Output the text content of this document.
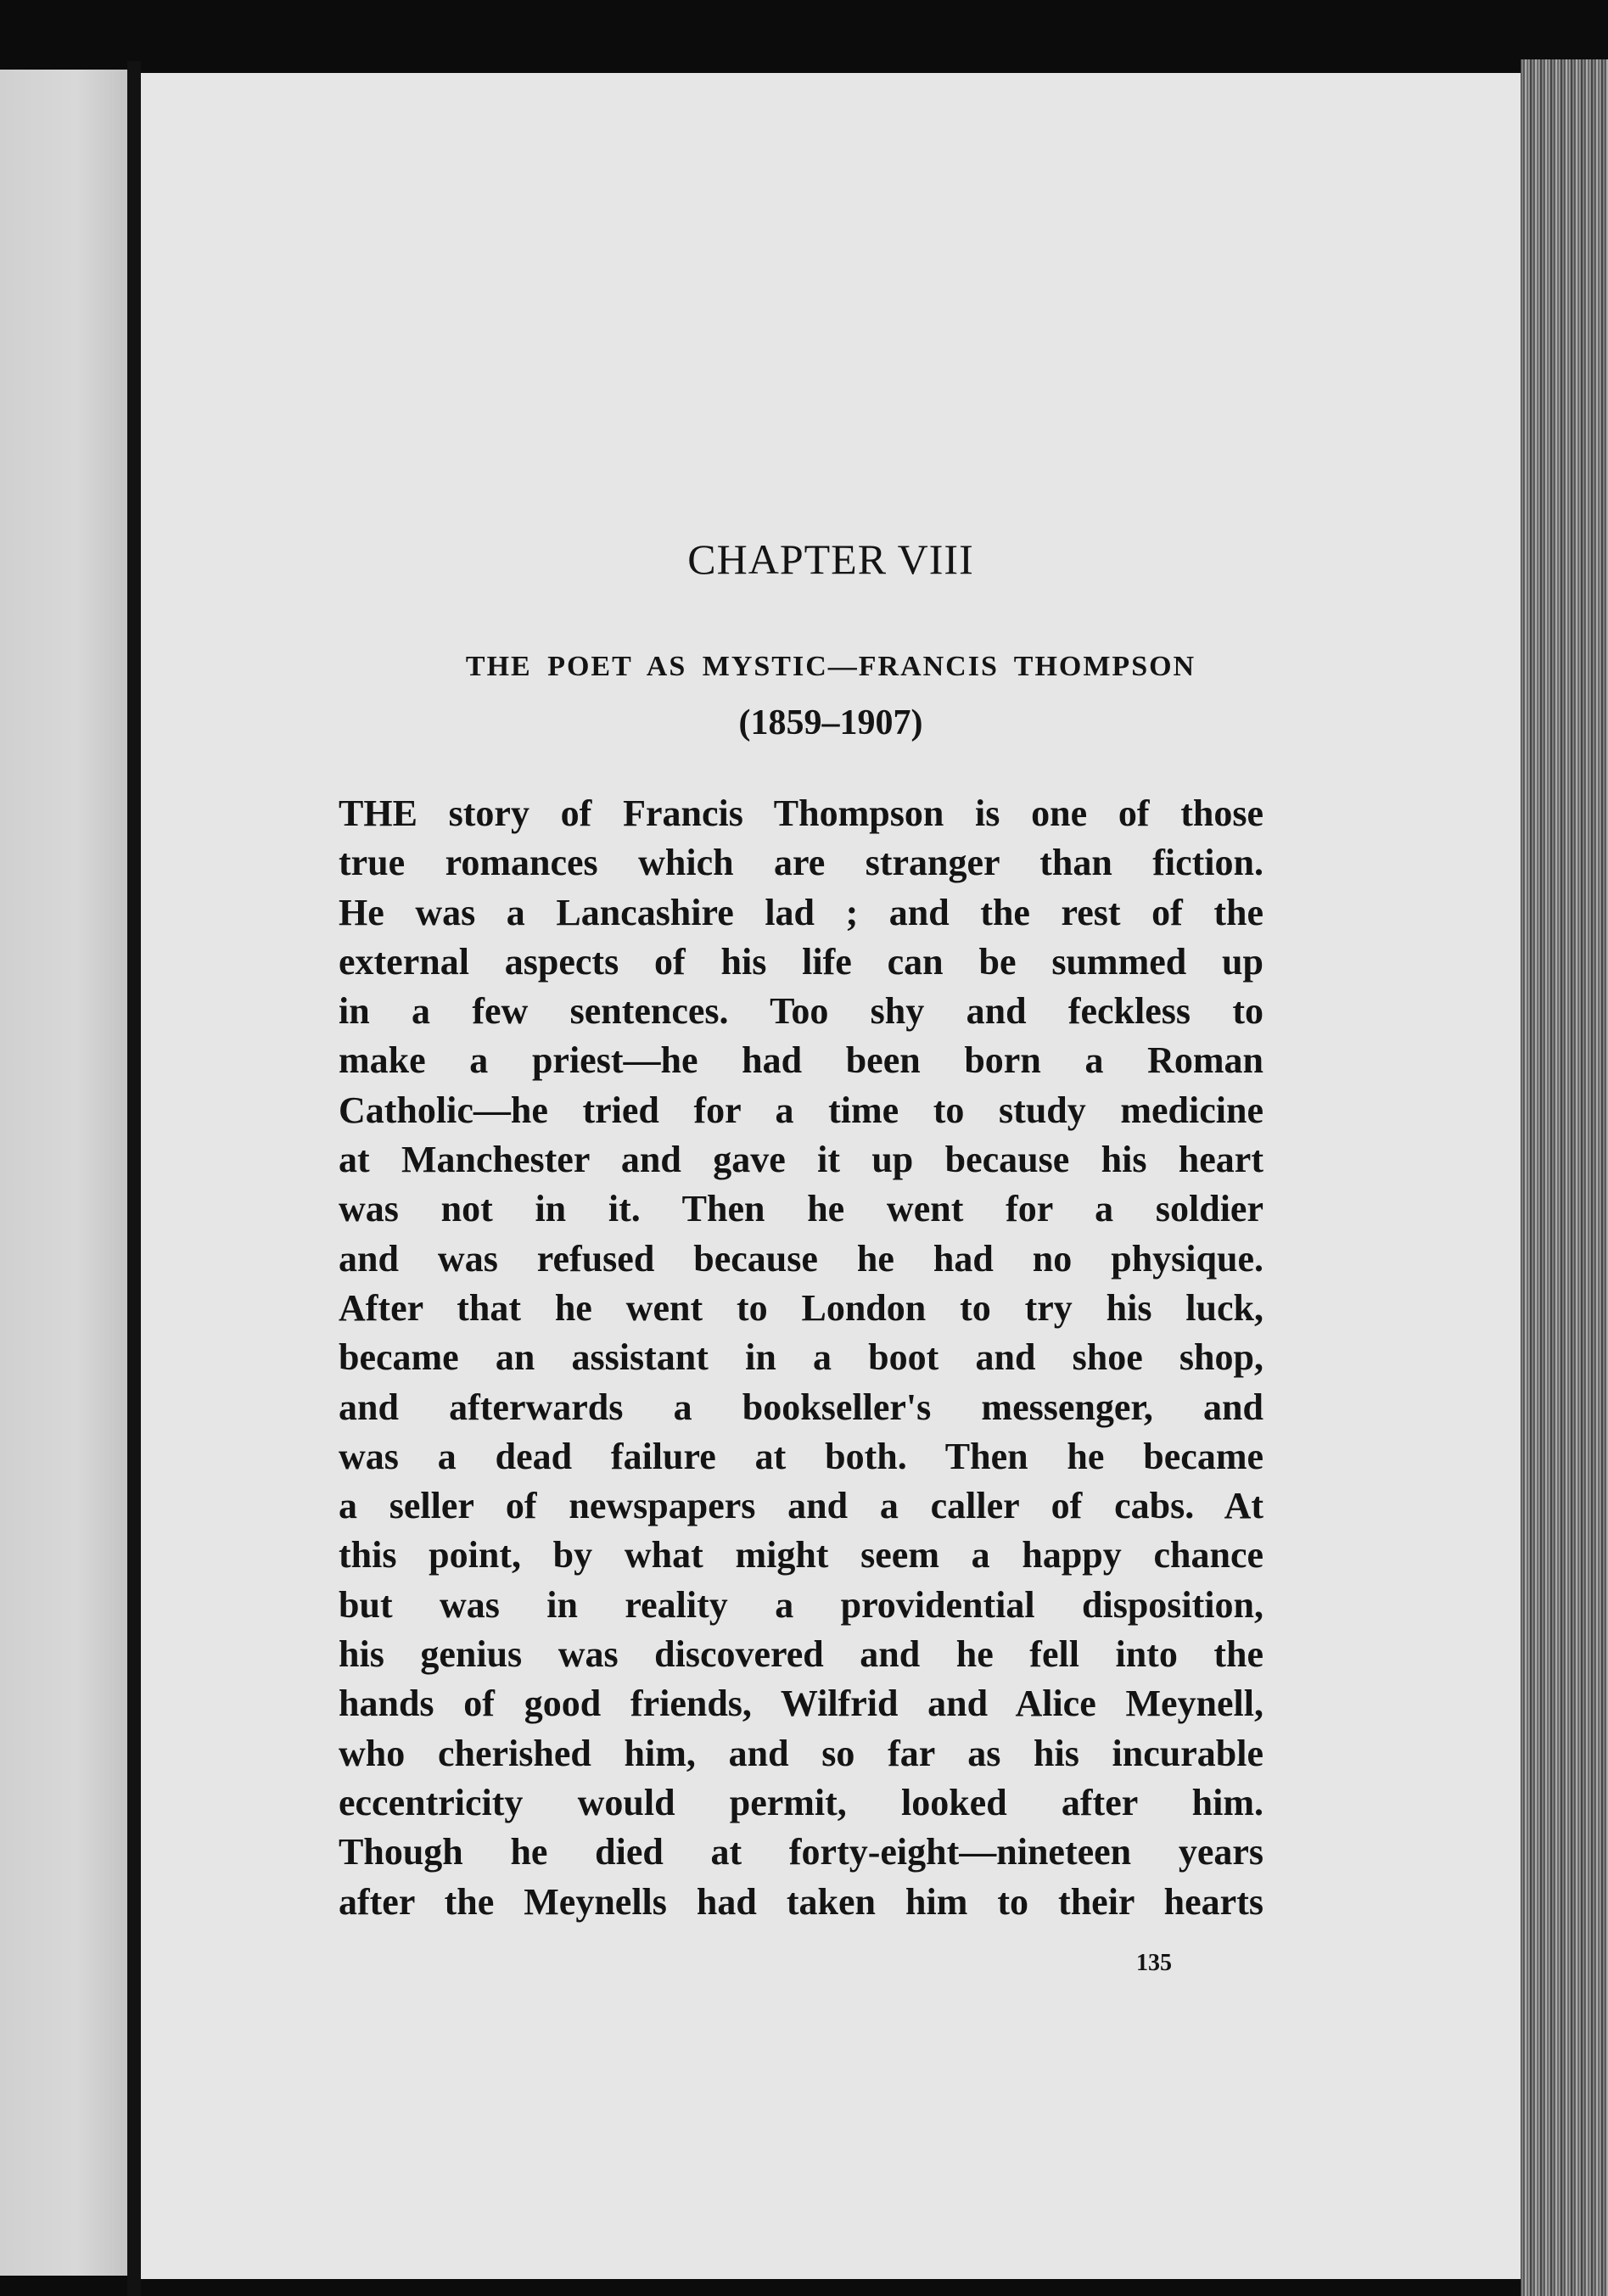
CHAPTER VIII
THE POET AS MYSTIC—FRANCIS THOMPSON
(1859–1907)
THE story of Francis Thompson is one of those
true romances which are stranger than fiction.
He was a Lancashire lad ; and the rest of the
external aspects of his life can be summed up
in a few sentences. Too shy and feckless to
make a priest—he had been born a Roman
Catholic—he tried for a time to study medicine
at Manchester and gave it up because his heart
was not in it. Then he went for a soldier
and was refused because he had no physique.
After that he went to London to try his luck,
became an assistant in a boot and shoe shop,
and afterwards a bookseller's messenger, and
was a dead failure at both. Then he became
a seller of newspapers and a caller of cabs. At
this point, by what might seem a happy chance
but was in reality a providential disposition,
his genius was discovered and he fell into the
hands of good friends, Wilfrid and Alice Meynell,
who cherished him, and so far as his incurable
eccentricity would permit, looked after him.
Though he died at forty-eight—nineteen years
after the Meynells had taken him to their hearts
135
